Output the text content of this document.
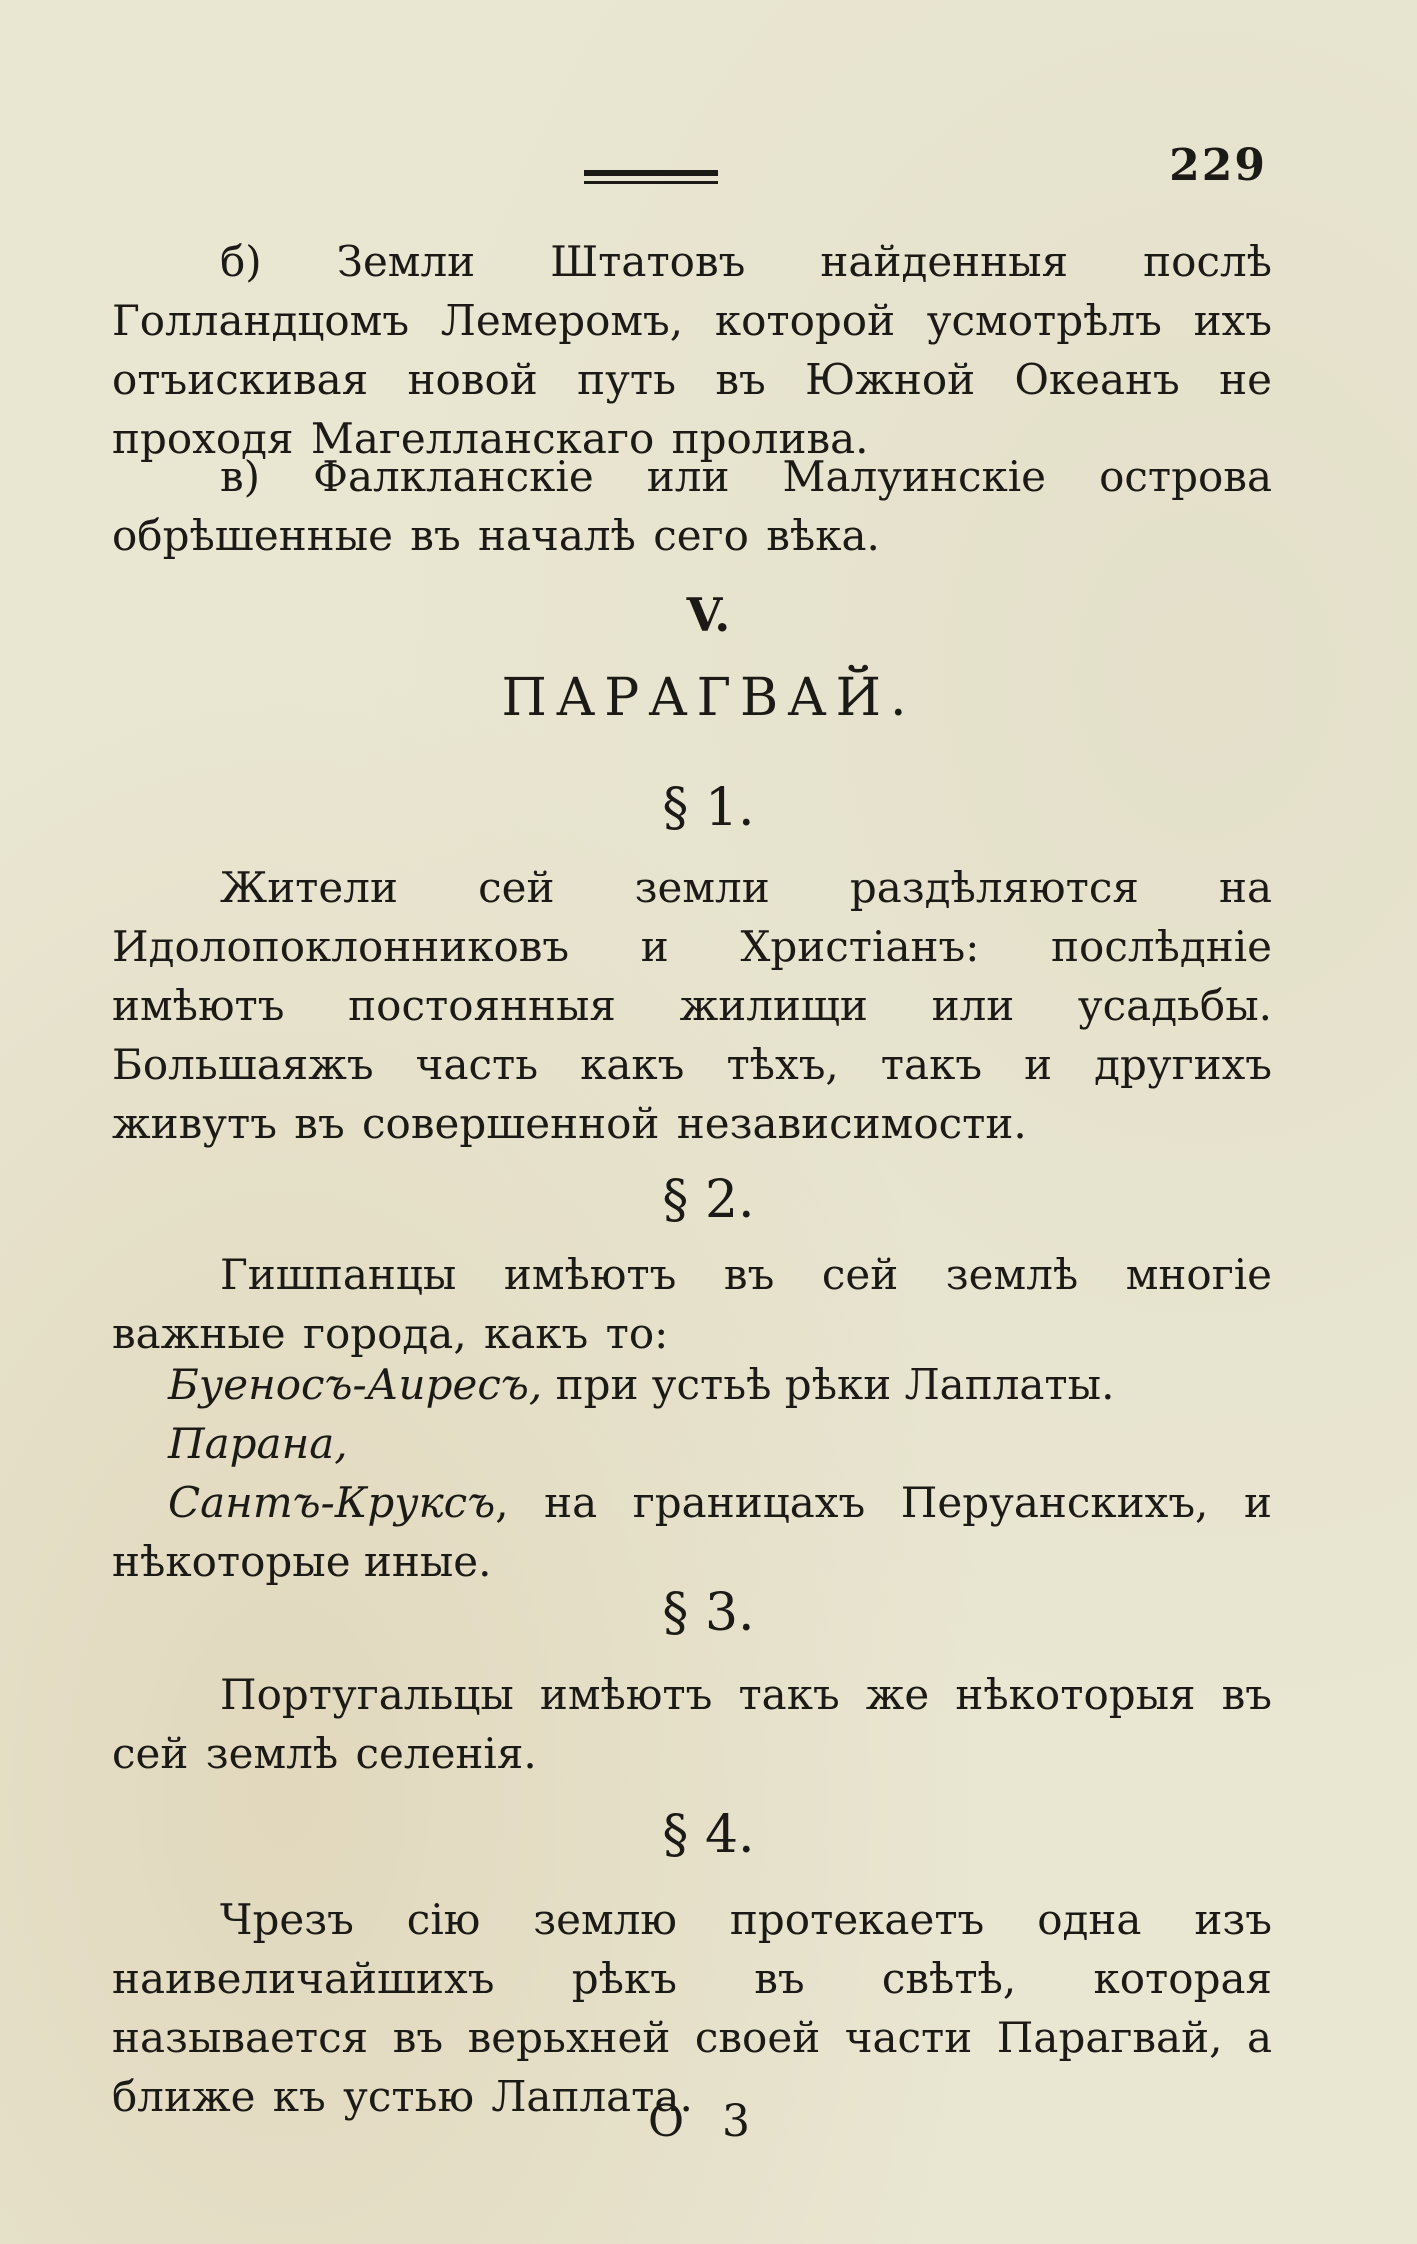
229
б) Земли Штатовъ найденныя послѣ Голландцомъ Лемеромъ, которой усмотрѣлъ ихъ отъискивая новой путь въ Южной Океанъ не проходя Магелланскаго пролива.
в) Фалкланскіе или Малуинскіе острова обрѣшенные въ началѣ сего вѣка.
V.
ПАРАГВАЙ.
§ 1.
Жители сей земли раздѣляются на Идолопоклонниковъ и Христіанъ: послѣдніе имѣютъ постоянныя жилищи или усадьбы. Большаяжъ часть какъ тѣхъ, такъ и другихъ живутъ въ совершенной независимости.
§ 2.
Гишпанцы имѣютъ въ сей землѣ многіе важные города, какъ то:
Буеносъ-Аиресъ, при устьѣ рѣки Лаплаты.
Парана,
Сантъ-Круксъ, на границахъ Перуанскихъ, и нѣкоторые иные.
§ 3.
Португальцы имѣютъ такъ же нѣкоторыя въ сей землѣ селенія.
§ 4.
Чрезъ сію землю протекаетъ одна изъ наивеличайшихъ рѣкъ въ свѣтѣ, которая называется въ верьхней своей части Парагвай, а ближе къ устью Лаплата.
О 3
